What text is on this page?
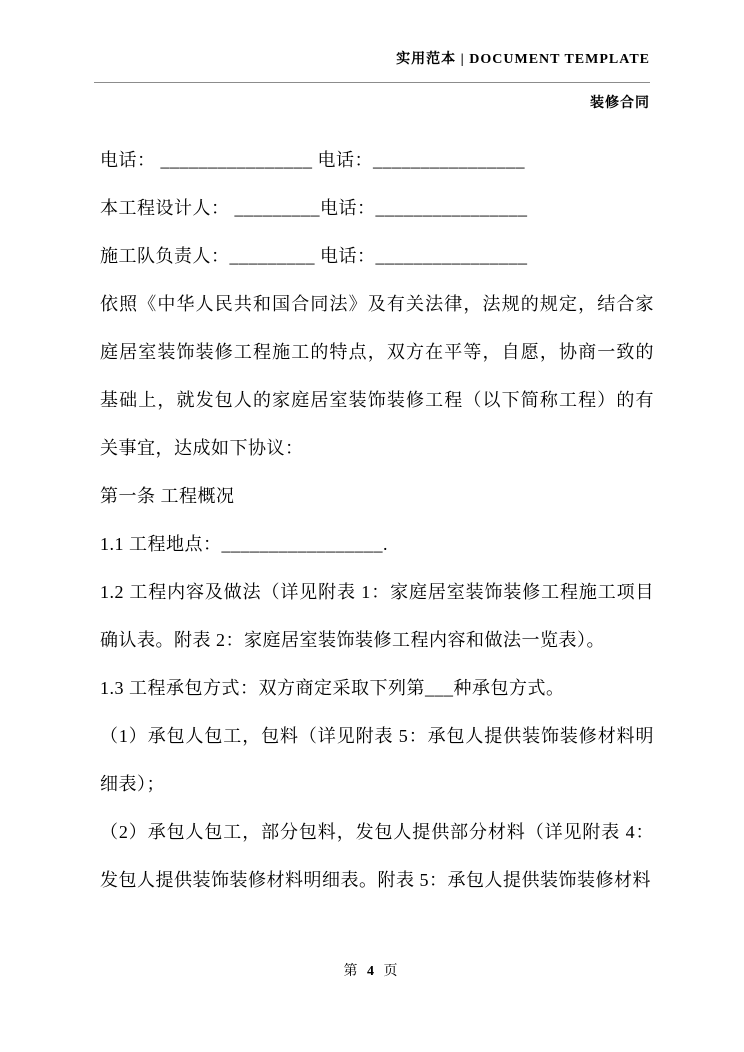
实用范本 | DOCUMENT TEMPLATE
装修合同

电话： ________________ 电话：________________

本工程设计人： _________电话：________________

施工队负责人：_________ 电话：________________

依照《中华人民共和国合同法》及有关法律，法规的规定，结合家庭居室装饰装修工程施工的特点，双方在平等，自愿，协商一致的基础上，就发包人的家庭居室装饰装修工程（以下简称工程）的有关事宜，达成如下协议：

第一条 工程概况

1.1 工程地点：_________________.

1.2 工程内容及做法（详见附表 1：家庭居室装饰装修工程施工项目确认表。附表 2：家庭居室装饰装修工程内容和做法一览表）。

1.3 工程承包方式：双方商定采取下列第___种承包方式。

（1）承包人包工，包料（详见附表 5：承包人提供装饰装修材料明细表）；

（2）承包人包工，部分包料，发包人提供部分材料（详见附表 4：发包人提供装饰装修材料明细表。附表 5：承包人提供装饰装修材料

第 4 页
